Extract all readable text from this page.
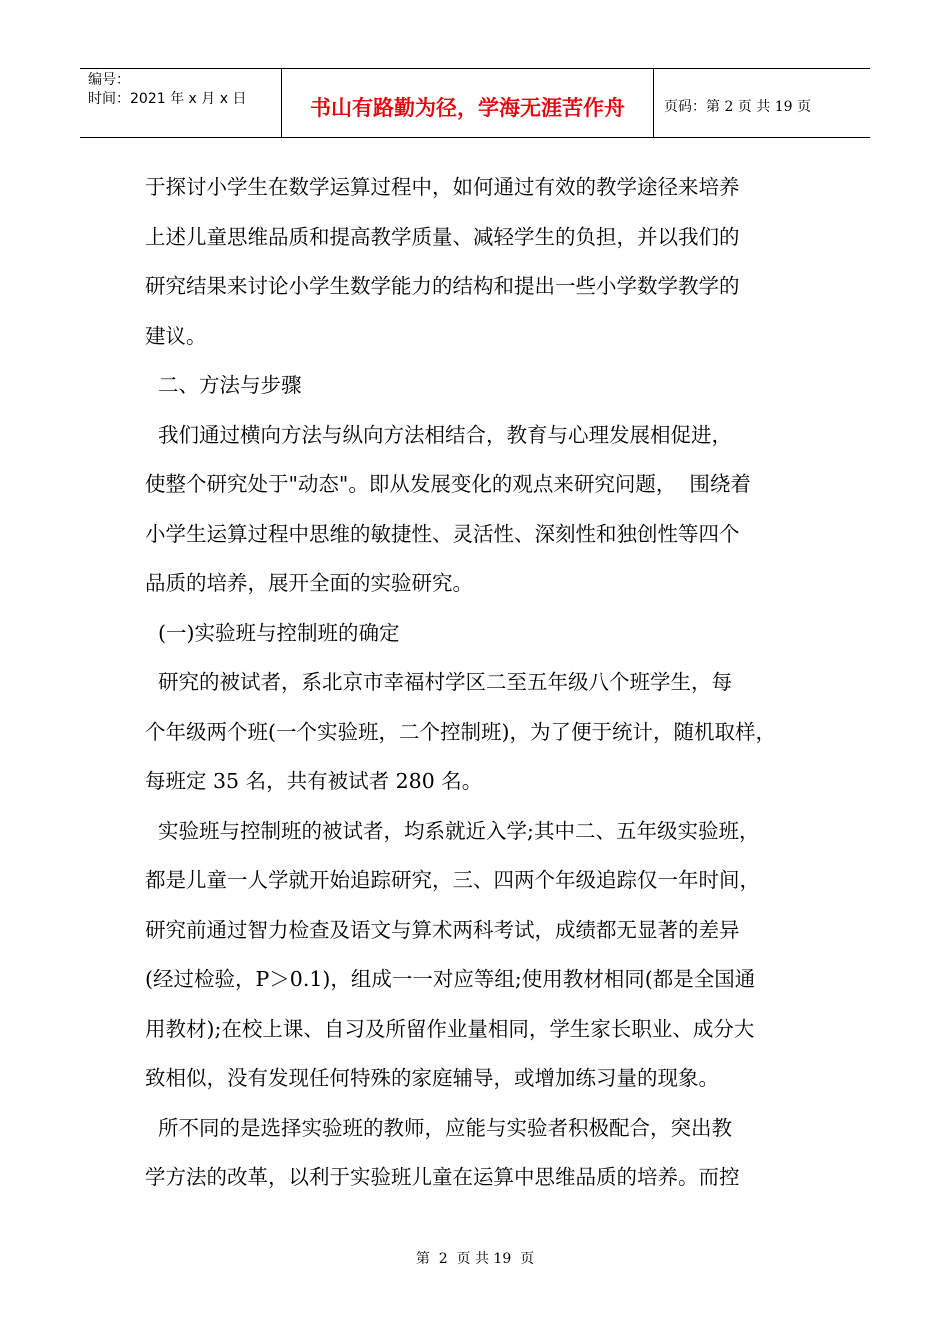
编号：
时间：2021 年 x 月 x 日	书山有路勤为径，学海无涯苦作舟	页码：第 2 页 共 19 页
于探讨小学生在数学运算过程中，如何通过有效的教学途径来培养
上述儿童思维品质和提高教学质量、减轻学生的负担，并以我们的
研究结果来讨论小学生数学能力的结构和提出一些小学数学教学的
建议。
二、方法与步骤
我们通过横向方法与纵向方法相结合，教育与心理发展相促进，
使整个研究处于"动态"。即从发展变化的观点来研究问题，  围绕着
小学生运算过程中思维的敏捷性、灵活性、深刻性和独创性等四个
品质的培养，展开全面的实验研究。
(一)实验班与控制班的确定
研究的被试者，系北京市幸福村学区二至五年级八个班学生，每
个年级两个班(一个实验班，二个控制班)，为了便于统计，随机取样，
每班定 35 名，共有被试者 280 名。
实验班与控制班的被试者，均系就近入学;其中二、五年级实验班，
都是儿童一人学就开始追踪研究，三、四两个年级追踪仅一年时间，
研究前通过智力检查及语文与算术两科考试，成绩都无显著的差异
(经过检验，P＞0.1)，组成一一对应等组;使用教材相同(都是全国通
用教材);在校上课、自习及所留作业量相同，学生家长职业、成分大
致相似，没有发现任何特殊的家庭辅导，或增加练习量的现象。
所不同的是选择实验班的教师，应能与实验者积极配合，突出教
学方法的改革，以利于实验班儿童在运算中思维品质的培养。而控
第  2  页 共 19  页
